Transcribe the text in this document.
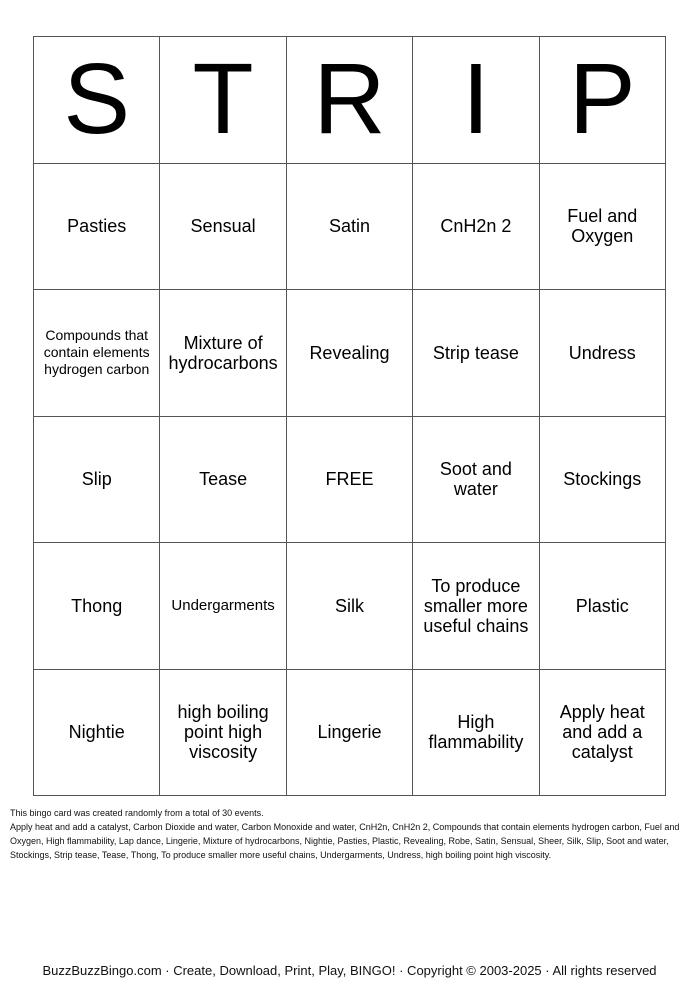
S	T	R	I	P
Pasties	Sensual	Satin	CnH2n 2	Fuel and Oxygen
Compounds that contain elements hydrogen carbon	Mixture of hydrocarbons	Revealing	Strip tease	Undress
Slip	Tease	FREE	Soot and water	Stockings
Thong	Undergarments	Silk	To produce smaller more useful chains	Plastic
Nightie	high boiling point high viscosity	Lingerie	High flammability	Apply heat and add a catalyst
This bingo card was created randomly from a total of 30 events.
Apply heat and add a catalyst, Carbon Dioxide and water, Carbon Monoxide and water, CnH2n, CnH2n 2, Compounds that contain elements hydrogen carbon, Fuel and Oxygen, High flammability, Lap dance, Lingerie, Mixture of hydrocarbons, Nightie, Pasties, Plastic, Revealing, Robe, Satin, Sensual, Sheer, Silk, Slip, Soot and water, Stockings, Strip tease, Tease, Thong, To produce smaller more useful chains, Undergarments, Undress, high boiling point high viscosity.
BuzzBuzzBingo.com · Create, Download, Print, Play, BINGO! · Copyright © 2003-2025 · All rights reserved
